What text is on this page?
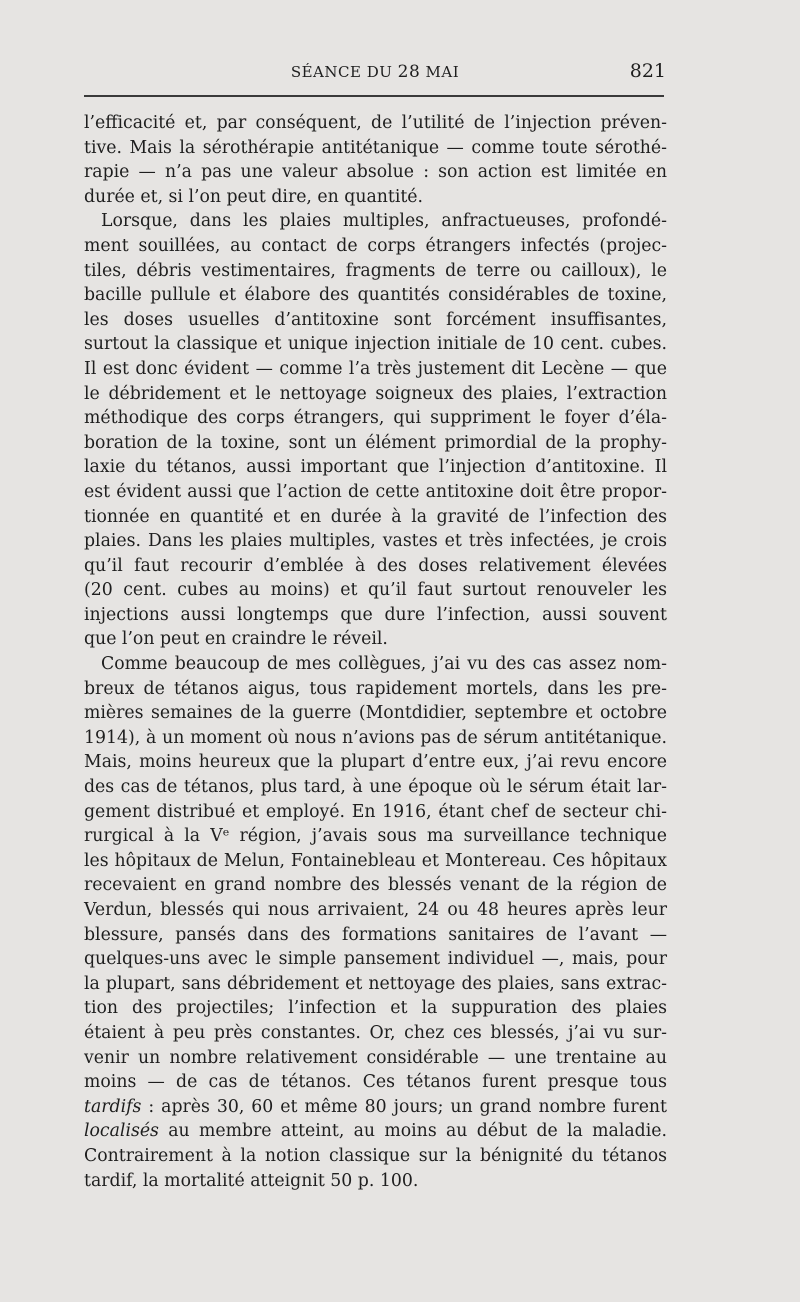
SÉANCE DU 28 MAI	821
l’efficacité et, par conséquent, de l’utilité de l’injection préven-
tive. Mais la sérothérapie antitétanique — comme toute sérothé-
rapie — n’a pas une valeur absolue : son action est limitée en
durée et, si l’on peut dire, en quantité.
Lorsque, dans les plaies multiples, anfractueuses, profondé-
ment souillées, au contact de corps étrangers infectés (projec-
tiles, débris vestimentaires, fragments de terre ou cailloux), le
bacille pullule et élabore des quantités considérables de toxine,
les doses usuelles d’antitoxine sont forcément insuffisantes,
surtout la classique et unique injection initiale de 10 cent. cubes.
Il est donc évident — comme l’a très justement dit Lecène — que
le débridement et le nettoyage soigneux des plaies, l’extraction
méthodique des corps étrangers, qui suppriment le foyer d’éla-
boration de la toxine, sont un élément primordial de la prophy-
laxie du tétanos, aussi important que l’injection d’antitoxine. Il
est évident aussi que l’action de cette antitoxine doit être propor-
tionnée en quantité et en durée à la gravité de l’infection des
plaies. Dans les plaies multiples, vastes et très infectées, je crois
qu’il faut recourir d’emblée à des doses relativement élevées
(20 cent. cubes au moins) et qu’il faut surtout renouveler les
injections aussi longtemps que dure l’infection, aussi souvent
que l’on peut en craindre le réveil.
Comme beaucoup de mes collègues, j’ai vu des cas assez nom-
breux de tétanos aigus, tous rapidement mortels, dans les pre-
mières semaines de la guerre (Montdidier, septembre et octobre
1914), à un moment où nous n’avions pas de sérum antitétanique.
Mais, moins heureux que la plupart d’entre eux, j’ai revu encore
des cas de tétanos, plus tard, à une époque où le sérum était lar-
gement distribué et employé. En 1916, étant chef de secteur chi-
rurgical à la Vᵉ région, j’avais sous ma surveillance technique
les hôpitaux de Melun, Fontainebleau et Montereau. Ces hôpitaux
recevaient en grand nombre des blessés venant de la région de
Verdun, blessés qui nous arrivaient, 24 ou 48 heures après leur
blessure, pansés dans des formations sanitaires de l’avant —
quelques-uns avec le simple pansement individuel —, mais, pour
la plupart, sans débridement et nettoyage des plaies, sans extrac-
tion des projectiles; l’infection et la suppuration des plaies
étaient à peu près constantes. Or, chez ces blessés, j’ai vu sur-
venir un nombre relativement considérable — une trentaine au
moins — de cas de tétanos. Ces tétanos furent presque tous
tardifs : après 30, 60 et même 80 jours; un grand nombre furent
localisés au membre atteint, au moins au début de la maladie.
Contrairement à la notion classique sur la bénignité du tétanos
tardif, la mortalité atteignit 50 p. 100.
